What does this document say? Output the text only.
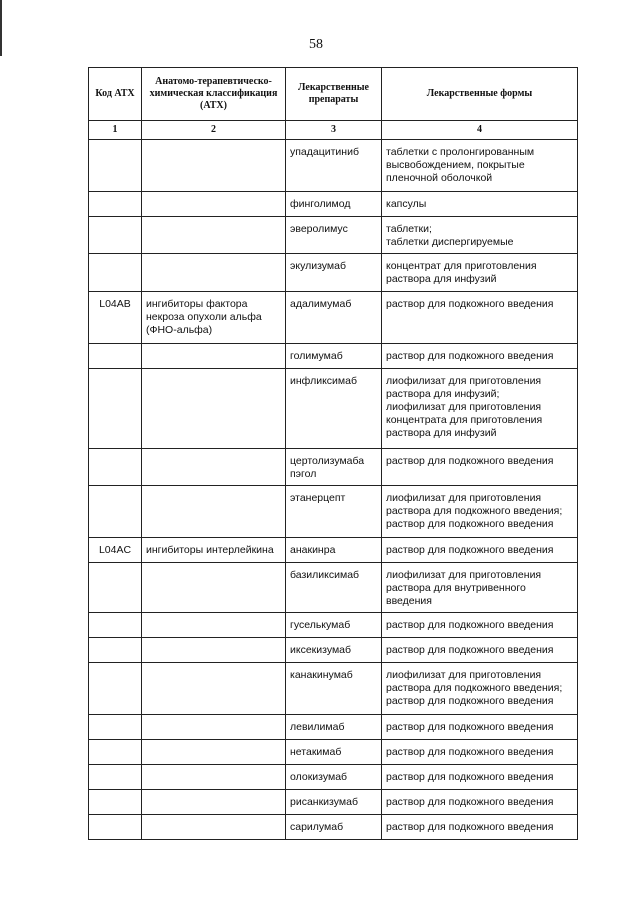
58
Код АТХ	Анатомо-терапевтическо-химическая классификация (АТХ)	Лекарственные препараты	Лекарственные формы
1	2	3	4
		упадацитиниб	таблетки с пролонгированным высвобождением, покрытые пленочной оболочкой
		финголимод	капсулы
		эверолимус	таблетки;
таблетки диспергируемые
		экулизумаб	концентрат для приготовления раствора для инфузий
L04AB	ингибиторы фактора некроза опухоли альфа (ФНО-альфа)	адалимумаб	раствор для подкожного введения
		голимумаб	раствор для подкожного введения
		инфликсимаб	лиофилизат для приготовления раствора для инфузий;
лиофилизат для приготовления концентрата для приготовления раствора для инфузий
		цертолизумаба пэгол	раствор для подкожного введения
		этанерцепт	лиофилизат для приготовления раствора для подкожного введения;
раствор для подкожного введения
L04AC	ингибиторы интерлейкина	анакинра	раствор для подкожного введения
		базиликсимаб	лиофилизат для приготовления раствора для внутривенного введения
		гуселькумаб	раствор для подкожного введения
		иксекизумаб	раствор для подкожного введения
		канакинумаб	лиофилизат для приготовления раствора для подкожного введения;
раствор для подкожного введения
		левилимаб	раствор для подкожного введения
		нетакимаб	раствор для подкожного введения
		олокизумаб	раствор для подкожного введения
		рисанкизумаб	раствор для подкожного введения
		сарилумаб	раствор для подкожного введения
